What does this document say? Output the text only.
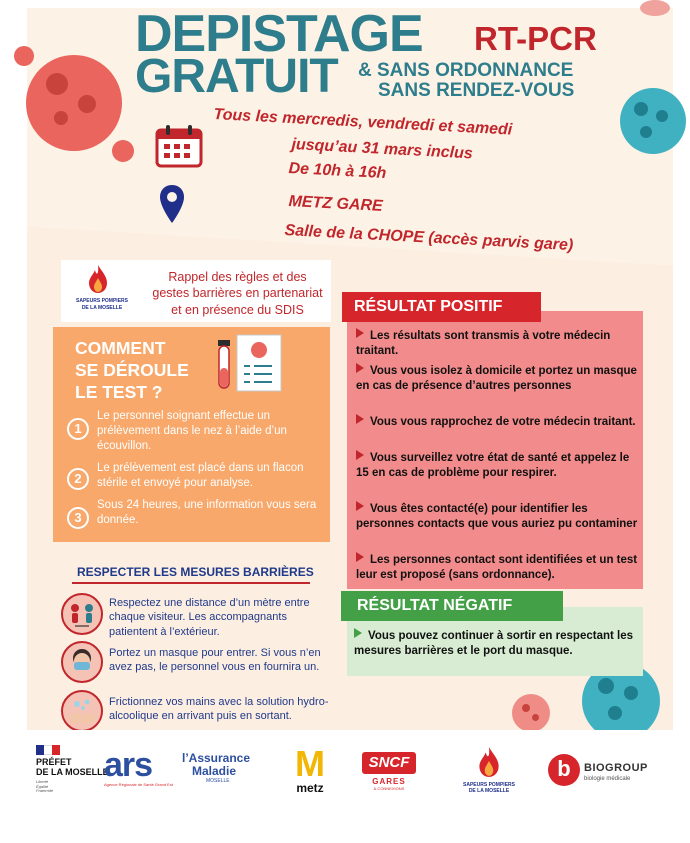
DEPISTAGE RT-PCR
GRATUIT & SANS ORDONNANCE
SANS RENDEZ-VOUS
Tous les mercredis, vendredi et samedi
jusqu’au 31 mars inclus
De 10h à 16h
METZ GARE
Salle de la CHOPE (accès parvis gare)
SAPEURS POMPIERS
DE LA MOSELLE
Rappel des règles et des gestes barrières en partenariat et en présence du SDIS
COMMENT
SE DÉROULE
LE TEST ?
1
Le personnel soignant effectue un prélèvement dans le nez à l’aide d’un écouvillon.
2
Le prélèvement est placé dans un flacon stérile et envoyé pour analyse.
3
Sous 24 heures, une information vous sera donnée.
RÉSULTAT POSITIF
Les résultats sont transmis à votre médecin traitant.
Vous vous isolez à domicile et portez un masque en cas de présence d’autres personnes
Vous vous rapprochez de votre médecin traitant.
Vous surveillez votre état de santé et appelez le 15 en cas de problème pour respirer.
Vous êtes contacté(e) pour identifier les personnes contacts que vous auriez pu contaminer
Les personnes contact sont identifiées et un test leur est proposé (sans ordonnance).
RÉSULTAT NÉGATIF
Vous pouvez continuer à sortir en respectant les mesures barrières et le port du masque.
RESPECTER LES MESURES BARRIÈRES
Respectez une distance d’un mètre entre chaque visiteur. Les accompagnants patientent à l’extérieur.
Portez un masque pour entrer. Si vous n’en avez pas, le personnel vous en fournira un.
Frictionnez vos mains avec la solution hydro-alcoolique en arrivant puis en sortant.
PRÉFET
DE LA MOSELLE
Liberté Égalité Fraternité
ars
Agence Régionale de Santé Grand Est
l’Assurance
Maladie
MOSELLE	M
metz
SNCF
GARES
& CONNEXIONS
SAPEURS POMPIERS
DE LA MOSELLE
b	BIOGROUP
biologie médicale
